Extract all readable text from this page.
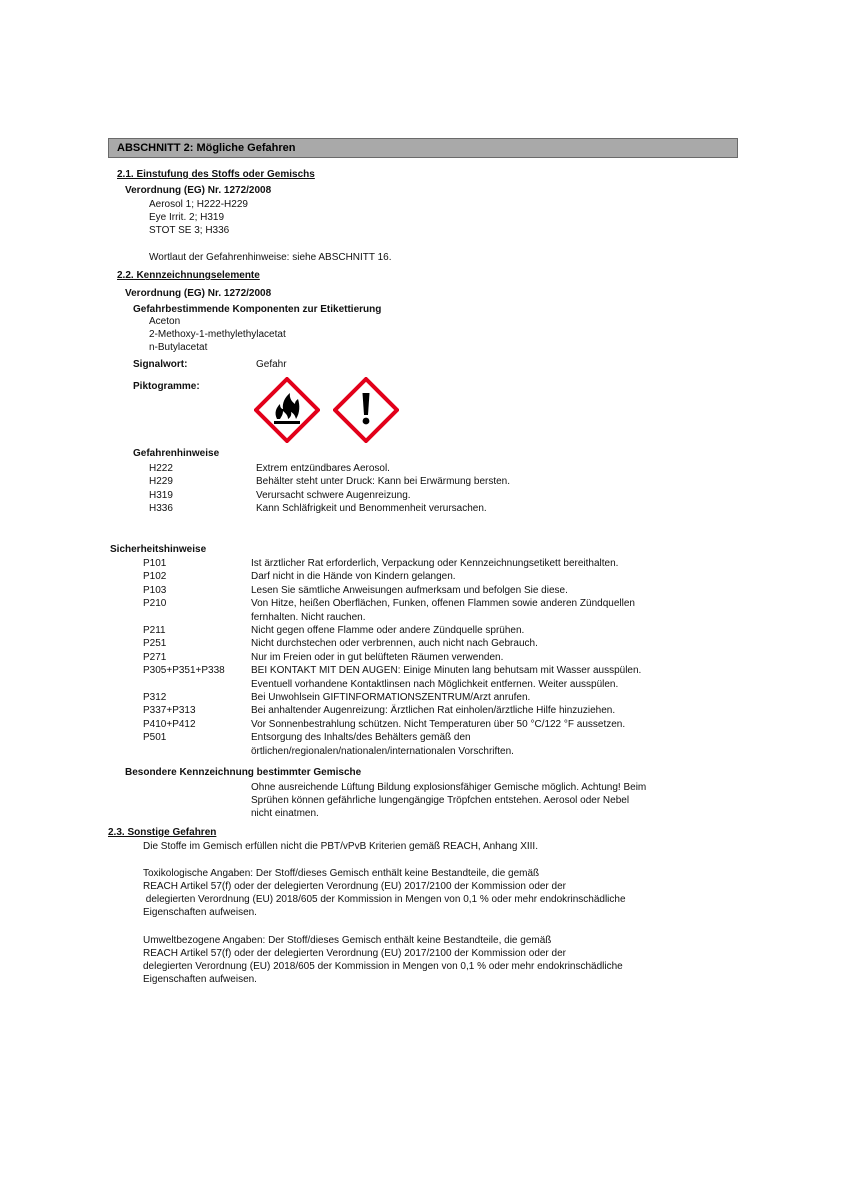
ABSCHNITT 2: Mögliche Gefahren
2.1. Einstufung des Stoffs oder Gemischs
Verordnung (EG) Nr. 1272/2008
Aerosol 1; H222-H229
Eye Irrit. 2; H319
STOT SE 3; H336
Wortlaut der Gefahrenhinweise: siehe ABSCHNITT 16.
2.2. Kennzeichnungselemente
Verordnung (EG) Nr. 1272/2008
Gefahrbestimmende Komponenten zur Etikettierung
Aceton
2-Methoxy-1-methylethylacetat
n-Butylacetat
Signalwort:	Gefahr
Piktogramme:
Gefahrenhinweise
H222	Extrem entzündbares Aerosol.
H229	Behälter steht unter Druck: Kann bei Erwärmung bersten.
H319	Verursacht schwere Augenreizung.
H336	Kann Schläfrigkeit und Benommenheit verursachen.
Sicherheitshinweise
P101	Ist ärztlicher Rat erforderlich, Verpackung oder Kennzeichnungsetikett bereithalten.
P102	Darf nicht in die Hände von Kindern gelangen.
P103	Lesen Sie sämtliche Anweisungen aufmerksam und befolgen Sie diese.
P210	Von Hitze, heißen Oberflächen, Funken, offenen Flammen sowie anderen Zündquellen
fernhalten. Nicht rauchen.
P211	Nicht gegen offene Flamme oder andere Zündquelle sprühen.
P251	Nicht durchstechen oder verbrennen, auch nicht nach Gebrauch.
P271	Nur im Freien oder in gut belüfteten Räumen verwenden.
P305+P351+P338	BEI KONTAKT MIT DEN AUGEN: Einige Minuten lang behutsam mit Wasser ausspülen.
Eventuell vorhandene Kontaktlinsen nach Möglichkeit entfernen. Weiter ausspülen.
P312	Bei Unwohlsein GIFTINFORMATIONSZENTRUM/Arzt anrufen.
P337+P313	Bei anhaltender Augenreizung: Ärztlichen Rat einholen/ärztliche Hilfe hinzuziehen.
P410+P412	Vor Sonnenbestrahlung schützen. Nicht Temperaturen über 50 °C/122 °F aussetzen.
P501	Entsorgung des Inhalts/des Behälters gemäß den
örtlichen/regionalen/nationalen/internationalen Vorschriften.
Besondere Kennzeichnung bestimmter Gemische
Ohne ausreichende Lüftung Bildung explosionsfähiger Gemische möglich. Achtung! Beim
Sprühen können gefährliche lungengängige Tröpfchen entstehen. Aerosol oder Nebel
nicht einatmen.
2.3. Sonstige Gefahren
Die Stoffe im Gemisch erfüllen nicht die PBT/vPvB Kriterien gemäß REACH, Anhang XIII.
Toxikologische Angaben: Der Stoff/dieses Gemisch enthält keine Bestandteile, die gemäß
REACH Artikel 57(f) oder der delegierten Verordnung (EU) 2017/2100 der Kommission oder der
delegierten Verordnung (EU) 2018/605 der Kommission in Mengen von 0,1 % oder mehr endokrinschädliche
Eigenschaften aufweisen.
Umweltbezogene Angaben: Der Stoff/dieses Gemisch enthält keine Bestandteile, die gemäß
REACH Artikel 57(f) oder der delegierten Verordnung (EU) 2017/2100 der Kommission oder der
delegierten Verordnung (EU) 2018/605 der Kommission in Mengen von 0,1 % oder mehr endokrinschädliche
Eigenschaften aufweisen.
